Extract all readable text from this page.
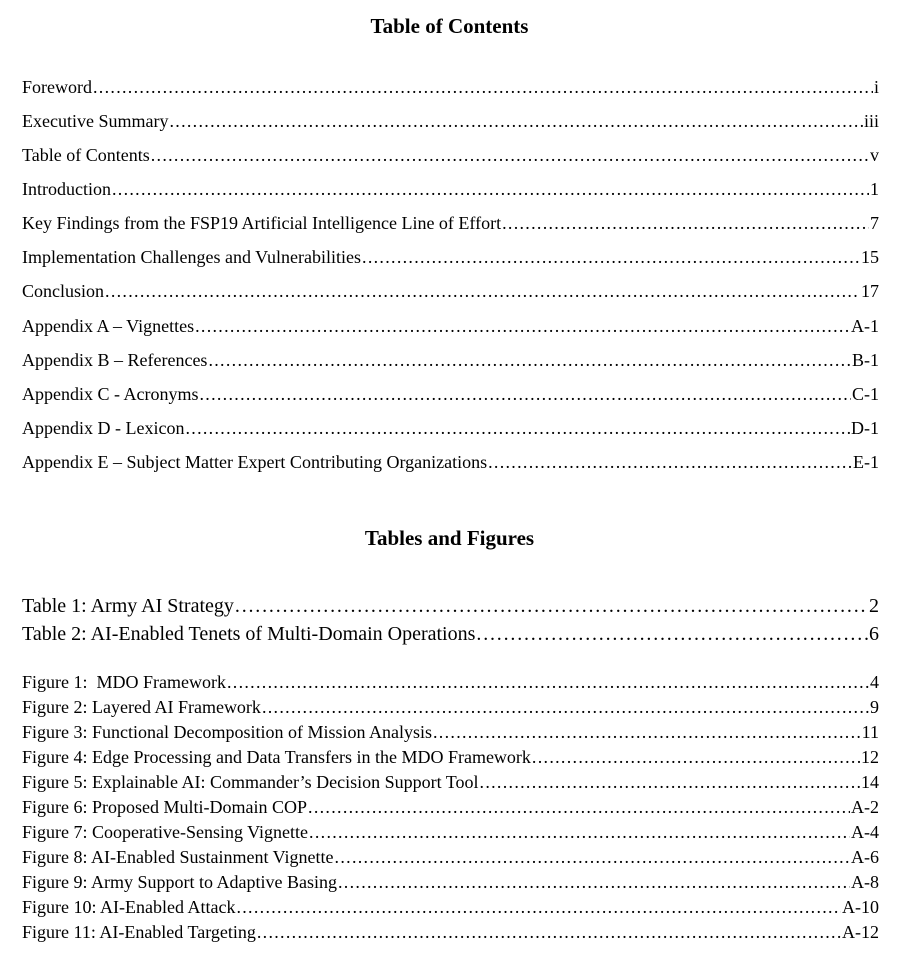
Table of Contents
Foreword . . .	i
Executive Summary . . .	iii
Table of Contents . . .	v
Introduction . . .	1
Key Findings from the FSP19 Artificial Intelligence Line of Effort . . .	7
Implementation Challenges and Vulnerabilities . . .	15
Conclusion . . .	17
Appendix A – Vignettes . . .	A-1
Appendix B – References . . .	B-1
Appendix C - Acronyms . . .	C-1
Appendix D - Lexicon . . .	D-1
Appendix E – Subject Matter Expert Contributing Organizations . . .	E-1
Tables and Figures
Table 1: Army AI Strategy . . .	2
Table 2: AI-Enabled Tenets of Multi-Domain Operations . . .	6
Figure 1:  MDO Framework . . .	4
Figure 2: Layered AI Framework . . .	9
Figure 3: Functional Decomposition of Mission Analysis . . .	11
Figure 4: Edge Processing and Data Transfers in the MDO Framework . . .	12
Figure 5: Explainable AI: Commander’s Decision Support Tool . . .	14
Figure 6: Proposed Multi-Domain COP . . .	A-2
Figure 7: Cooperative-Sensing Vignette . . .	A-4
Figure 8: AI-Enabled Sustainment Vignette . . .	A-6
Figure 9: Army Support to Adaptive Basing . . .	A-8
Figure 10: AI-Enabled Attack . . .	A-10
Figure 11: AI-Enabled Targeting . . .	A-12
